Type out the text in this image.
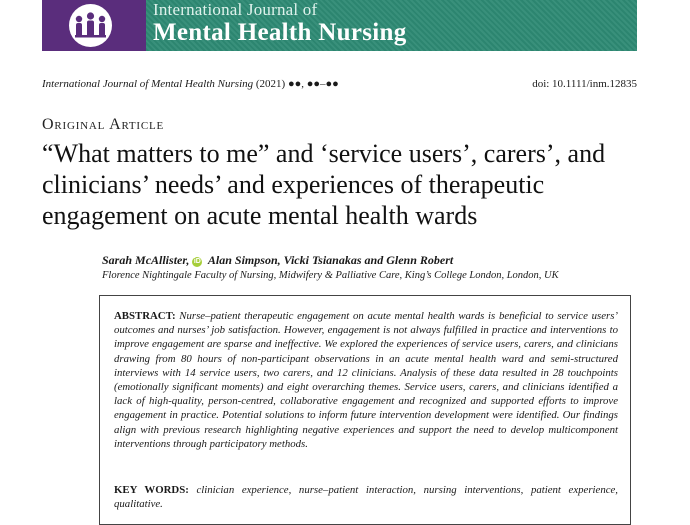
International Journal of
Mental Health Nursing
International Journal of Mental Health Nursing (2021) ●●, ●●–●●	doi: 10.1111/inm.12835
Original Article
“What matters to me” and ‘service users’, carers’, and clinicians’ needs’ and experiences of therapeutic engagement on acute mental health wards
Sarah McAllister, iD Alan Simpson, Vicki Tsianakas and Glenn Robert
Florence Nightingale Faculty of Nursing, Midwifery & Palliative Care, King’s College London, London, UK
ABSTRACT: Nurse–patient therapeutic engagement on acute mental health wards is beneficial to service users’ outcomes and nurses’ job satisfaction. However, engagement is not always fulfilled in practice and interventions to improve engagement are sparse and ineffective. We explored the experiences of service users, carers, and clinicians drawing from 80 hours of non-participant observations in an acute mental health ward and semi-structured interviews with 14 service users, two carers, and 12 clinicians. Analysis of these data resulted in 28 touchpoints (emotionally significant moments) and eight overarching themes. Service users, carers, and clinicians identified a lack of high-quality, person-centred, collaborative engagement and recognized and supported efforts to improve engagement in practice. Potential solutions to inform future intervention development were identified. Our findings align with previous research highlighting negative experiences and support the need to develop multicomponent interventions through participatory methods.
KEY WORDS: clinician experience, nurse–patient interaction, nursing interventions, patient experience, qualitative.
